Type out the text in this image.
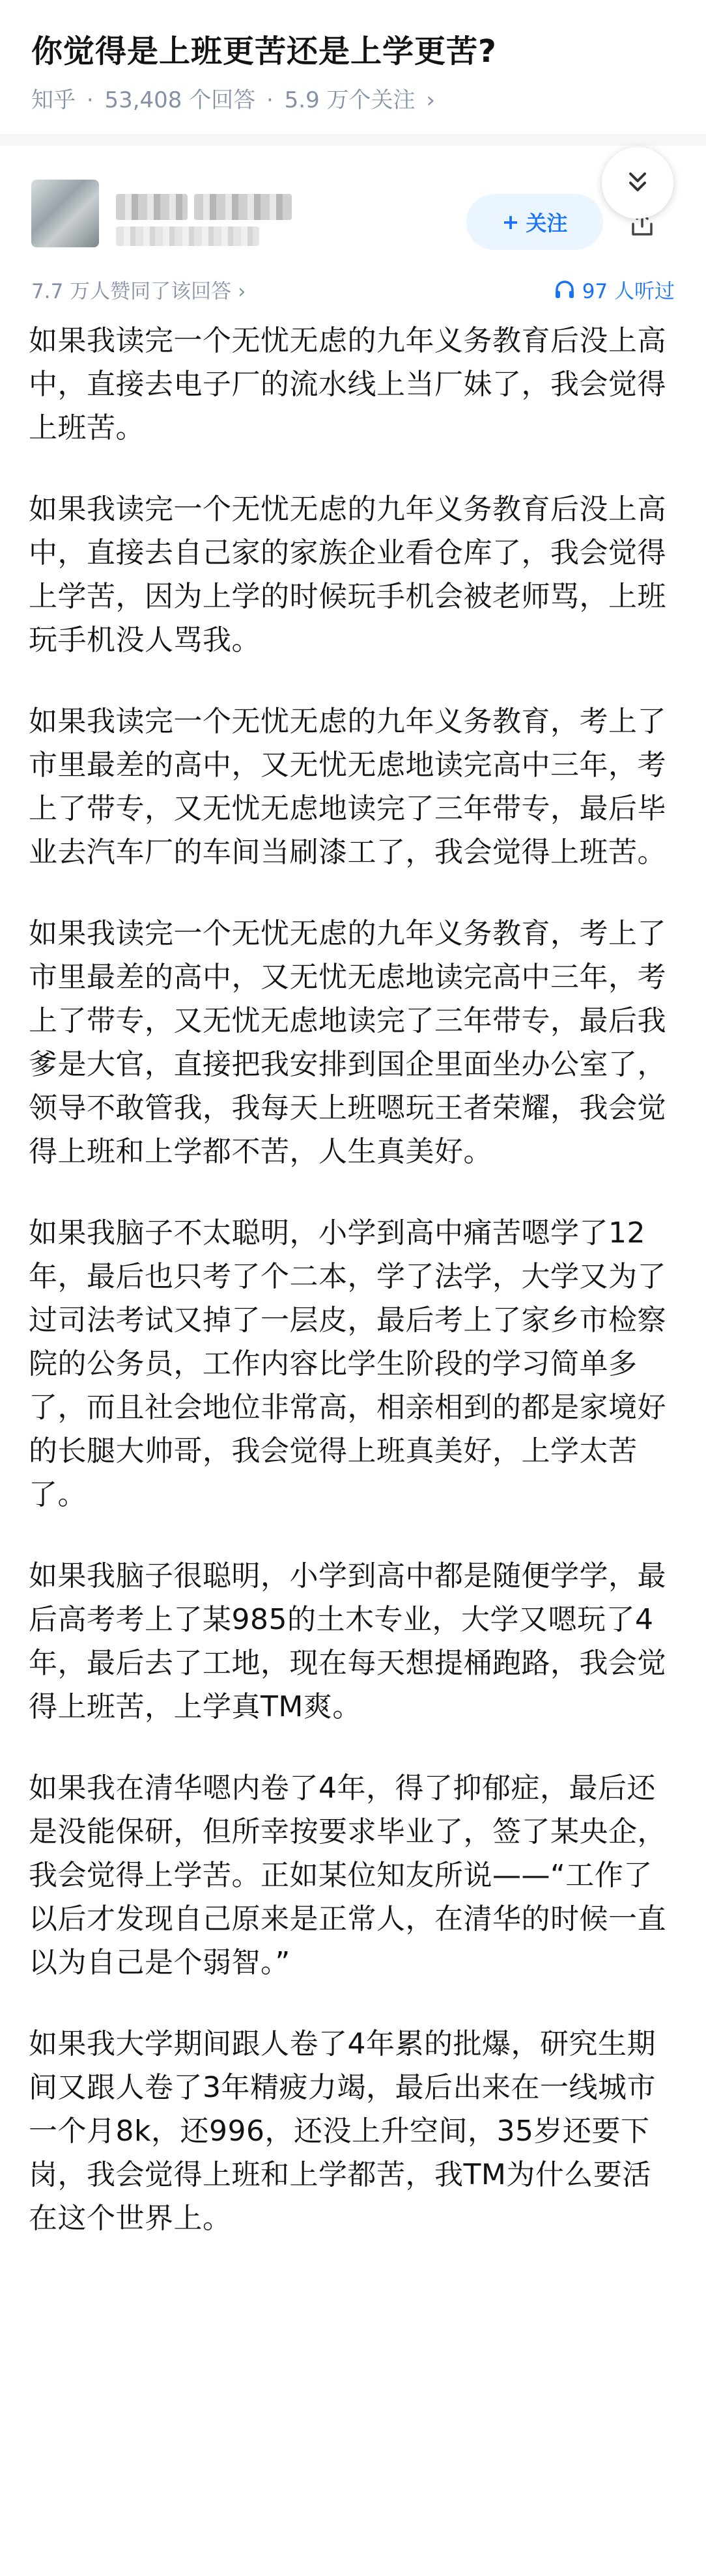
你觉得是上班更苦还是上学更苦?
知乎 · 53,408 个回答 · 5.9 万个关注 ›
+ 关注
7.7 万人赞同了该回答 ›	97 人听过

如果我读完一个无忧无虑的九年义务教育后没上高中，直接去电子厂的流水线上当厂妹了，我会觉得上班苦。

如果我读完一个无忧无虑的九年义务教育后没上高中，直接去自己家的家族企业看仓库了，我会觉得上学苦，因为上学的时候玩手机会被老师骂，上班玩手机没人骂我。

如果我读完一个无忧无虑的九年义务教育，考上了市里最差的高中，又无忧无虑地读完高中三年，考上了带专，又无忧无虑地读完了三年带专，最后毕业去汽车厂的车间当刷漆工了，我会觉得上班苦。

如果我读完一个无忧无虑的九年义务教育，考上了市里最差的高中，又无忧无虑地读完高中三年，考上了带专，又无忧无虑地读完了三年带专，最后我爹是大官，直接把我安排到国企里面坐办公室了，领导不敢管我，我每天上班嗯玩王者荣耀，我会觉得上班和上学都不苦，人生真美好。

如果我脑子不太聪明，小学到高中痛苦嗯学了12年，最后也只考了个二本，学了法学，大学又为了过司法考试又掉了一层皮，最后考上了家乡市检察院的公务员，工作内容比学生阶段的学习简单多了，而且社会地位非常高，相亲相到的都是家境好的长腿大帅哥，我会觉得上班真美好，上学太苦了。

如果我脑子很聪明，小学到高中都是随便学学，最后高考考上了某985的土木专业，大学又嗯玩了4年，最后去了工地，现在每天想提桶跑路，我会觉得上班苦，上学真TM爽。

如果我在清华嗯内卷了4年，得了抑郁症，最后还是没能保研，但所幸按要求毕业了，签了某央企，我会觉得上学苦。正如某位知友所说——“工作了以后才发现自己原来是正常人，在清华的时候一直以为自己是个弱智。”

如果我大学期间跟人卷了4年累的批爆，研究生期间又跟人卷了3年精疲力竭，最后出来在一线城市一个月8k，还996，还没上升空间，35岁还要下岗，我会觉得上班和上学都苦，我TM为什么要活在这个世界上。
